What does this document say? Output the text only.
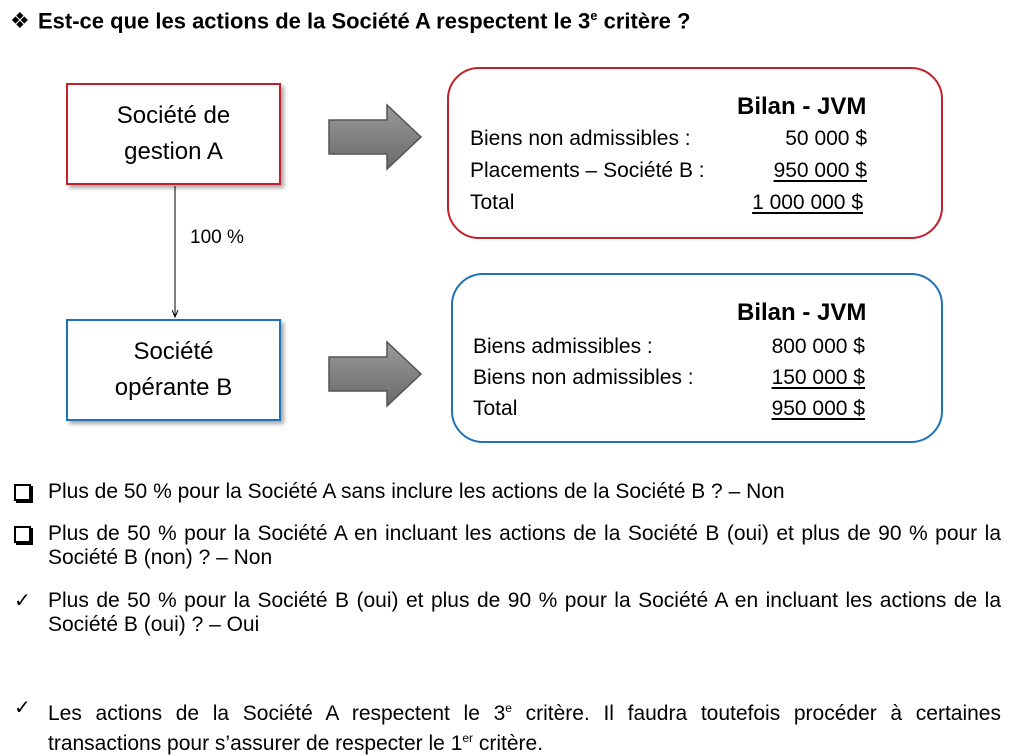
❖ Est-ce que les actions de la Société A respectent le 3e critère ?
Société de
gestion A
Société
opérante B
100 %
Bilan - JVM
Biens non admissibles :	50 000 $
Placements – Société B :	950 000 $
Total	1 000 000 $
Bilan - JVM
Biens admissibles :	800 000 $
Biens non admissibles :	150 000 $
Total	950 000 $
Plus de 50 % pour la Société A sans inclure les actions de la Société B ? – Non
Plus de 50 % pour la Société A en incluant les actions de la Société B (oui) et plus de 90 % pour la Société B (non) ? – Non
✓ Plus de 50 % pour la Société B (oui) et plus de 90 % pour la Société A en incluant les actions de la Société B (oui) ? – Oui
✓ Les actions de la Société A respectent le 3e critère. Il faudra toutefois procéder à certaines transactions pour s’assurer de respecter le 1er critère.
